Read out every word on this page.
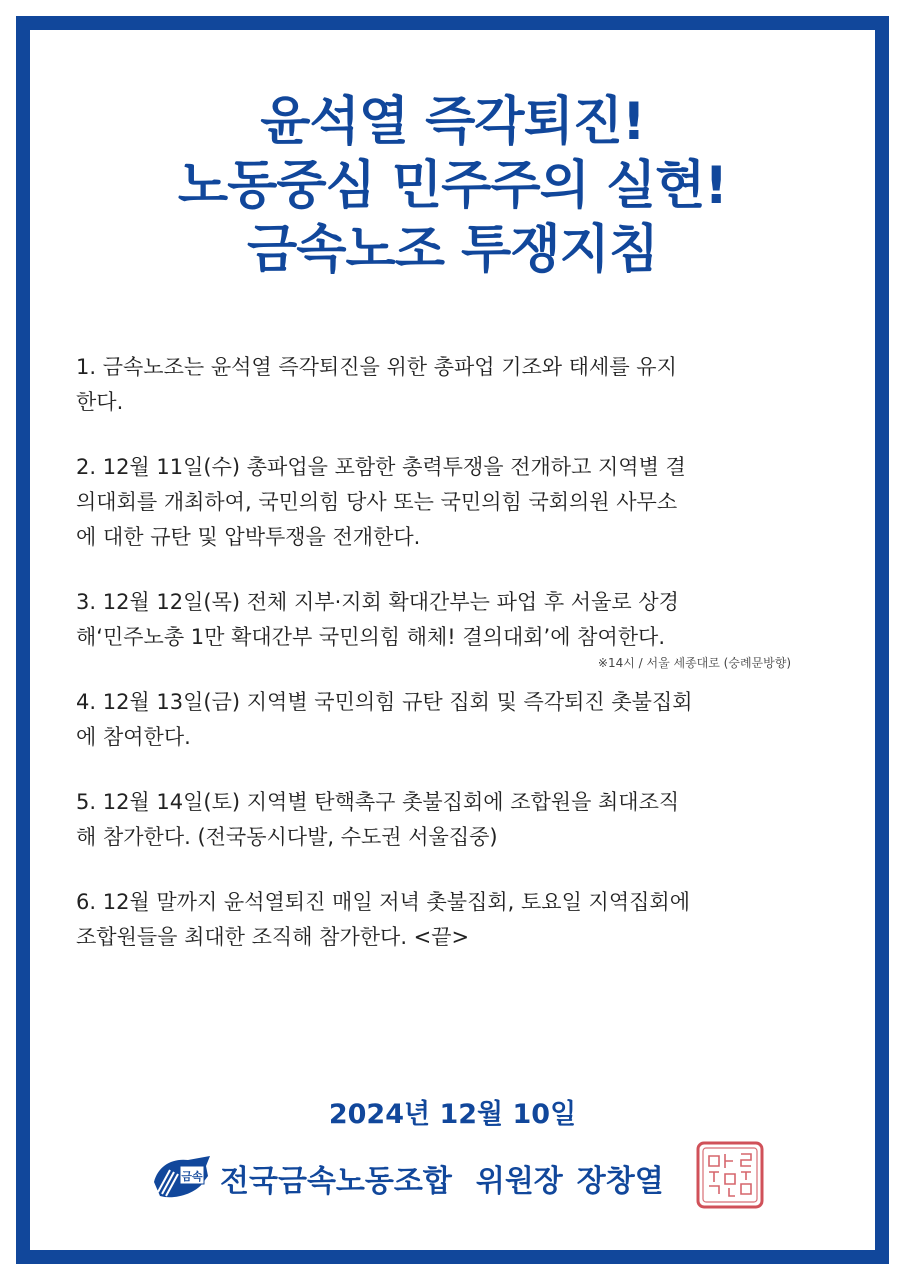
윤석열 즉각퇴진!
노동중심 민주주의 실현!
금속노조 투쟁지침

1. 금속노조는 윤석열 즉각퇴진을 위한 총파업 기조와 태세를 유지
한다.

2. 12월 11일(수) 총파업을 포함한 총력투쟁을 전개하고 지역별 결
의대회를 개최하여, 국민의힘 당사 또는 국민의힘 국회의원 사무소
에 대한 규탄 및 압박투쟁을 전개한다.

3. 12월 12일(목) 전체 지부·지회 확대간부는 파업 후 서울로 상경
해‘민주노총 1만 확대간부 국민의힘 해체! 결의대회’에 참여한다.

※14시 / 서울 세종대로 (숭례문방향)

4. 12월 13일(금) 지역별 국민의힘 규탄 집회 및 즉각퇴진 촛불집회
에 참여한다.

5. 12월 14일(토) 지역별 탄핵촉구 촛불집회에 조합원을 최대조직
해 참가한다. (전국동시다발, 수도권 서울집중)

6. 12월 말까지 윤석열퇴진 매일 저녁 촛불집회, 토요일 지역집회에
조합원들을 최대한 조직해 참가한다. <끝>

2024년 12월 10일
금속 전국금속노동조합 위원장 장창열
